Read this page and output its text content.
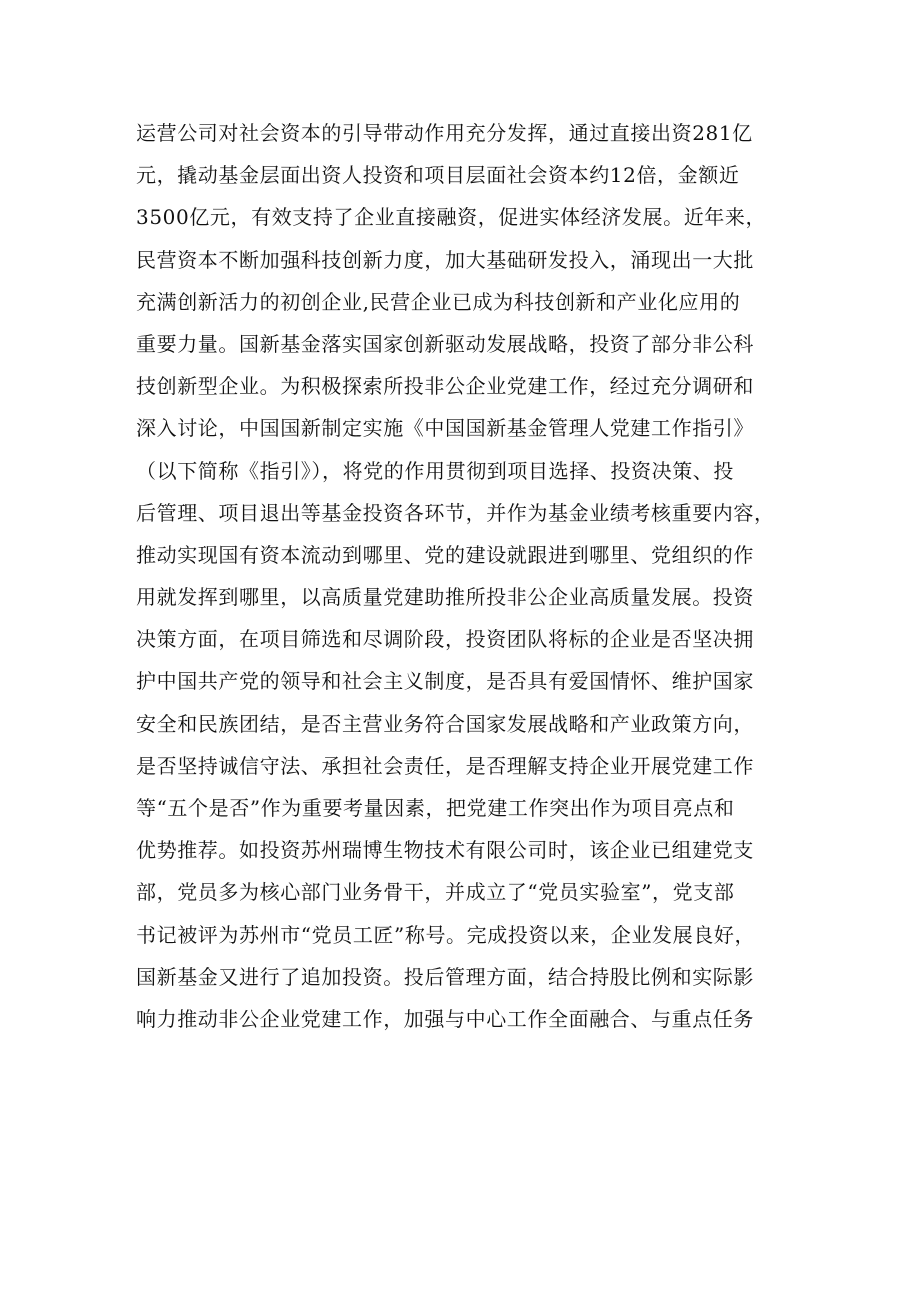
运营公司对社会资本的引导带动作用充分发挥，通过直接出资281亿
元，撬动基金层面出资人投资和项目层面社会资本约12倍，金额近
3500亿元，有效支持了企业直接融资，促进实体经济发展。近年来，
民营资本不断加强科技创新力度，加大基础研发投入，涌现出一大批
充满创新活力的初创企业,民营企业已成为科技创新和产业化应用的
重要力量。国新基金落实国家创新驱动发展战略，投资了部分非公科
技创新型企业。为积极探索所投非公企业党建工作，经过充分调研和
深入讨论，中国国新制定实施《中国国新基金管理人党建工作指引》
（以下简称《指引》），将党的作用贯彻到项目选择、投资决策、投
后管理、项目退出等基金投资各环节，并作为基金业绩考核重要内容，
推动实现国有资本流动到哪里、党的建设就跟进到哪里、党组织的作
用就发挥到哪里，以高质量党建助推所投非公企业高质量发展。投资
决策方面，在项目筛选和尽调阶段，投资团队将标的企业是否坚决拥
护中国共产党的领导和社会主义制度，是否具有爱国情怀、维护国家
安全和民族团结，是否主营业务符合国家发展战略和产业政策方向，
是否坚持诚信守法、承担社会责任，是否理解支持企业开展党建工作
等“五个是否”作为重要考量因素，把党建工作突出作为项目亮点和
优势推荐。如投资苏州瑞博生物技术有限公司时，该企业已组建党支
部，党员多为核心部门业务骨干，并成立了“党员实验室”，党支部
书记被评为苏州市“党员工匠”称号。完成投资以来，企业发展良好，
国新基金又进行了追加投资。投后管理方面，结合持股比例和实际影
响力推动非公企业党建工作，加强与中心工作全面融合、与重点任务
